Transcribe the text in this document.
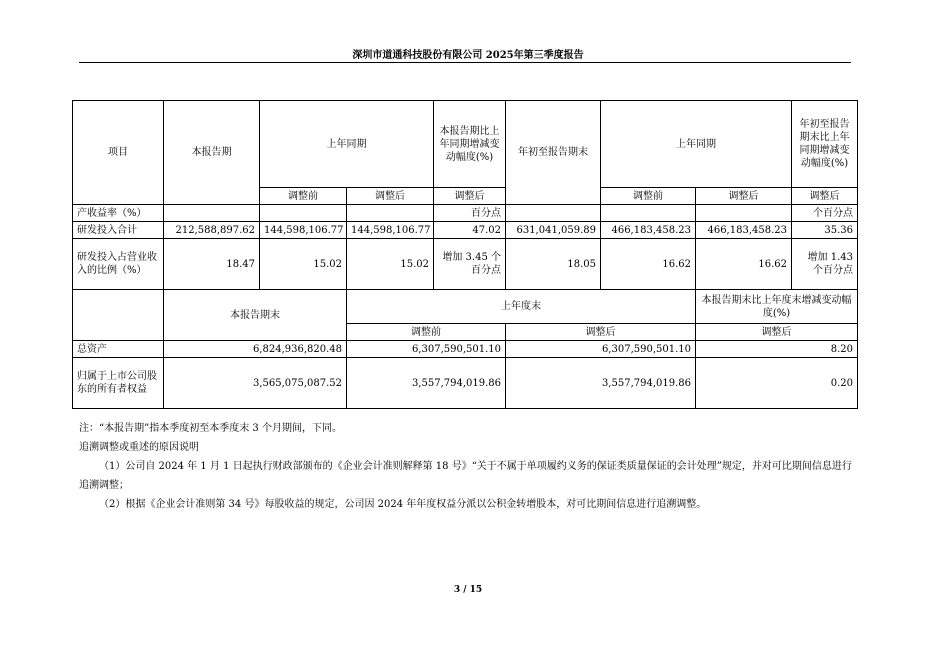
深圳市道通科技股份有限公司 2025年第三季度报告
项目	本报告期	上年同期		本报告期比上年同期增减变动幅度(%)	年初至报告期末	上年同期		年初至报告期末比上年同期增减变动幅度(%)
		调整前	调整后	调整后		调整前	调整后	调整后
产收益率（%）				百分点				个百分点
研发投入合计	212,588,897.62	144,598,106.77	144,598,106.77	47.02	631,041,059.89	466,183,458.23	466,183,458.23	35.36
研发投入占营业收入的比例（%）	18.47	15.02	15.02	增加 3.45 个百分点	18.05	16.62	16.62	增加 1.43 个百分点
	本报告期末		上年度末				本报告期末比上年度末增减变动幅度(%)	
			调整前		调整后		调整后	
总资产	6,824,936,820.48		6,307,590,501.10		6,307,590,501.10		8.20	
归属于上市公司股东的所有者权益	3,565,075,087.52		3,557,794,019.86		3,557,794,019.86		0.20	

注：“本报告期”指本季度初至本季度末 3 个月期间，下同。

追溯调整或重述的原因说明

（1）公司自 2024 年 1 月 1 日起执行财政部颁布的《企业会计准则解释第 18 号》“关于不属于单项履约义务的保证类质量保证的会计处理”规定，并对可比期间信息进行追溯调整；

（2）根据《企业会计准则第 34 号》每股收益的规定，公司因 2024 年年度权益分派以公积金转增股本，对可比期间信息进行追溯调整。

3 / 15
